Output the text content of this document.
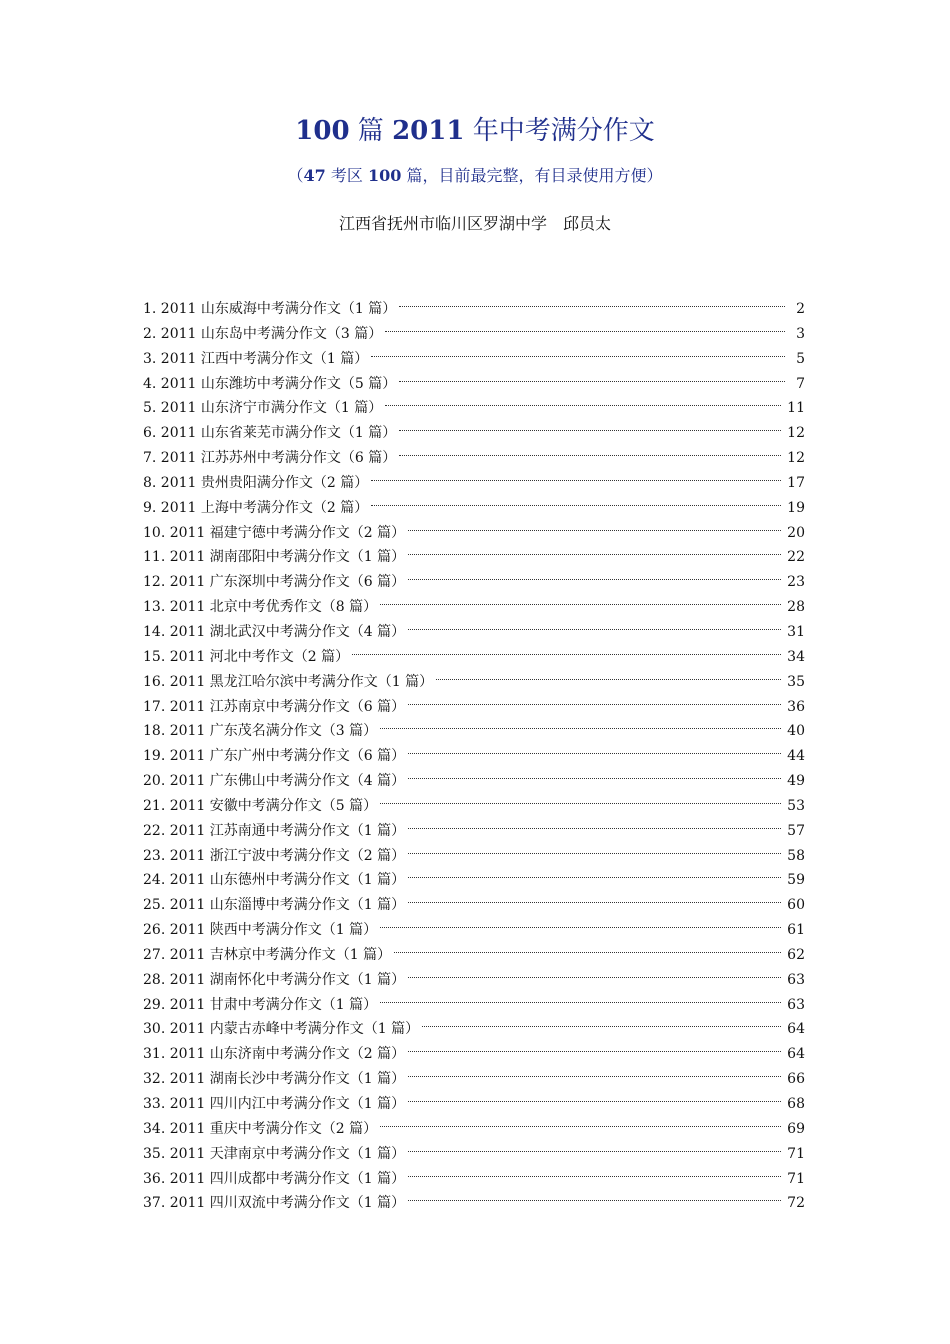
100 篇 2011 年中考满分作文
（47 考区 100 篇，目前最完整，有目录使用方便）
江西省抚州市临川区罗湖中学　邱员太
1. 2011 山东威海中考满分作文（1 篇）	2
2. 2011 山东岛中考满分作文（3 篇）	3
3. 2011 江西中考满分作文（1 篇）	5
4. 2011 山东潍坊中考满分作文（5 篇）	7
5. 2011 山东济宁市满分作文（1 篇）	11
6. 2011 山东省莱芜市满分作文（1 篇）	12
7. 2011 江苏苏州中考满分作文（6 篇）	12
8. 2011 贵州贵阳满分作文（2 篇）	17
9. 2011 上海中考满分作文（2 篇）	19
10. 2011 福建宁德中考满分作文（2 篇）	20
11. 2011 湖南邵阳中考满分作文（1 篇）	22
12. 2011 广东深圳中考满分作文（6 篇）	23
13. 2011 北京中考优秀作文（8 篇）	28
14. 2011 湖北武汉中考满分作文（4 篇）	31
15. 2011 河北中考作文（2 篇）	34
16. 2011 黑龙江哈尔滨中考满分作文（1 篇）	35
17. 2011 江苏南京中考满分作文（6 篇）	36
18. 2011 广东茂名满分作文（3 篇）	40
19. 2011 广东广州中考满分作文（6 篇）	44
20. 2011 广东佛山中考满分作文（4 篇）	49
21. 2011 安徽中考满分作文（5 篇）	53
22. 2011 江苏南通中考满分作文（1 篇）	57
23. 2011 浙江宁波中考满分作文（2 篇）	58
24. 2011 山东德州中考满分作文（1 篇）	59
25. 2011 山东淄博中考满分作文（1 篇）	60
26. 2011 陕西中考满分作文（1 篇）	61
27. 2011 吉林京中考满分作文（1 篇）	62
28. 2011 湖南怀化中考满分作文（1 篇）	63
29. 2011 甘肃中考满分作文（1 篇）	63
30. 2011 内蒙古赤峰中考满分作文（1 篇）	64
31. 2011 山东济南中考满分作文（2 篇）	64
32. 2011 湖南长沙中考满分作文（1 篇）	66
33. 2011 四川内江中考满分作文（1 篇）	68
34. 2011 重庆中考满分作文（2 篇）	69
35. 2011 天津南京中考满分作文（1 篇）	71
36. 2011 四川成都中考满分作文（1 篇）	71
37. 2011 四川双流中考满分作文（1 篇）	72
